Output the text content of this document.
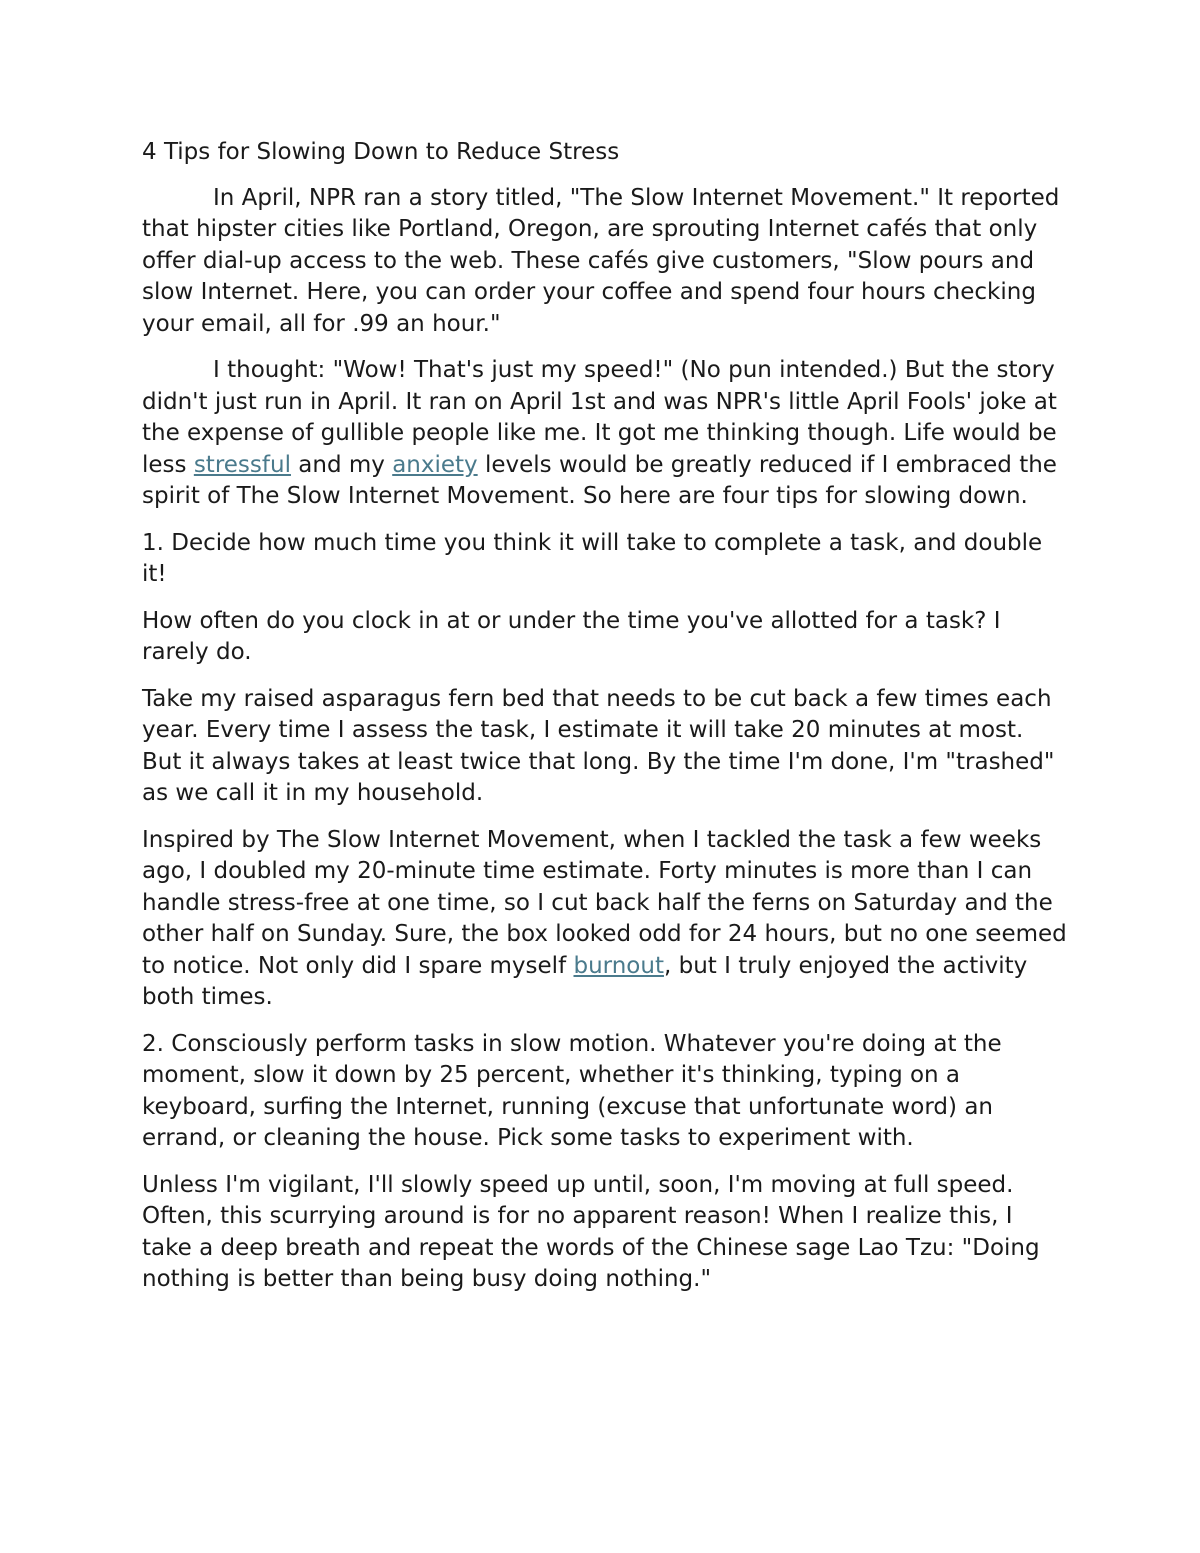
4 Tips for Slowing Down to Reduce Stress

In April, NPR ran a story titled, "The Slow Internet Movement." It reported that hipster cities like Portland, Oregon, are sprouting Internet cafés that only offer dial-up access to the web. These cafés give customers, "Slow pours and slow Internet. Here, you can order your coffee and spend four hours checking your email, all for .99 an hour."

I thought: "Wow! That's just my speed!" (No pun intended.) But the story didn't just run in April. It ran on April 1st and was NPR's little April Fools' joke at the expense of gullible people like me. It got me thinking though. Life would be less stressful and my anxiety levels would be greatly reduced if I embraced the spirit of The Slow Internet Movement. So here are four tips for slowing down.

1. Decide how much time you think it will take to complete a task, and double it!

How often do you clock in at or under the time you've allotted for a task? I rarely do.

Take my raised asparagus fern bed that needs to be cut back a few times each year. Every time I assess the task, I estimate it will take 20 minutes at most. But it always takes at least twice that long. By the time I'm done, I'm "trashed" as we call it in my household.

Inspired by The Slow Internet Movement, when I tackled the task a few weeks ago, I doubled my 20-minute time estimate. Forty minutes is more than I can handle stress-free at one time, so I cut back half the ferns on Saturday and the other half on Sunday. Sure, the box looked odd for 24 hours, but no one seemed to notice. Not only did I spare myself burnout, but I truly enjoyed the activity both times.

2. Consciously perform tasks in slow motion. Whatever you're doing at the moment, slow it down by 25 percent, whether it's thinking, typing on a keyboard, surfing the Internet, running (excuse that unfortunate word) an errand, or cleaning the house. Pick some tasks to experiment with.

Unless I'm vigilant, I'll slowly speed up until, soon, I'm moving at full speed. Often, this scurrying around is for no apparent reason! When I realize this, I take a deep breath and repeat the words of the Chinese sage Lao Tzu: "Doing nothing is better than being busy doing nothing."
